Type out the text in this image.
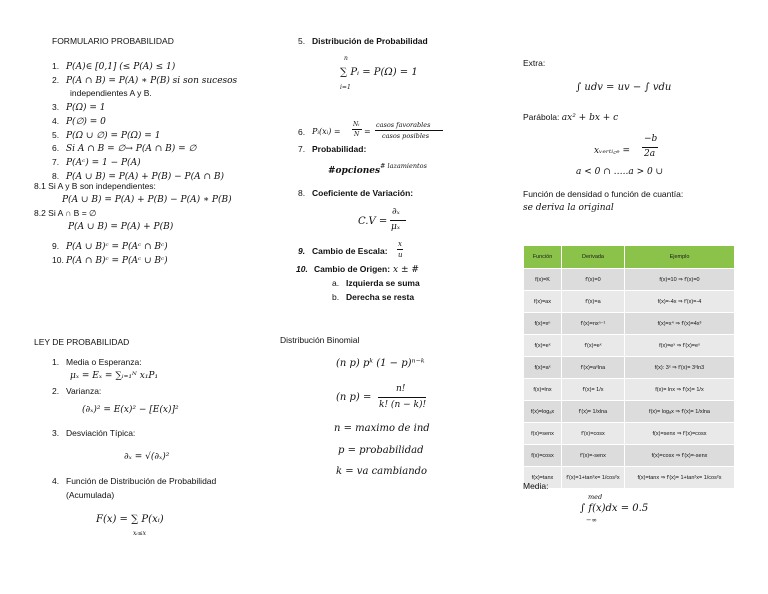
FORMULARIO PROBABILIDAD
1. P(A)∈ [0,1] (≤ P(A) ≤ 1)
2. P(A ∩ B) = P(A) ∗ P(B) si son sucesos
independientes A y B.
3. P(Ω) = 1
4. P(∅) = 0
5. P(Ω ∪ ∅) = P(Ω) = 1
6. Si A ∩ B = ∅→ P(A ∩ B) = ∅
7. P(Aᶜ) = 1 − P(A)
8. P(A ∪ B) = P(A) + P(B) − P(A ∩ B)
8.1 Si A y B son independientes:
P(A ∪ B) = P(A) + P(B) − P(A) ∗ P(B)
8.2 Si A ∩ B = ∅
P(A ∪ B) = P(A) + P(B)
9. P(A ∪ B)ᶜ = P(Aᶜ ∩ Bᶜ)
10. P(A ∩ B)ᶜ = P(Aᶜ ∪ Bᶜ)
LEY DE PROBABILIDAD
1. Media o Esperanza:
μₓ = Eₓ = ∑ᵢ₌₁ᴺ x₁P₁
2. Varianza:
(∂ₓ)² = E(x)² − [E(x)]²
3. Desviación Típica:
∂ₓ = √(∂ₓ)²
4. Función de Distribución de Probabilidad
(Acumulada)
F(x) = ∑ P(xᵢ)
xᵢ≤x
5. Distribución de Probabilidad
n
∑ Pᵢ = P(Ω) = 1
i=1
6. Pᵢ(xᵢ) =
Nᵢ
N =
casos favorables
casos posibles
7. Probabilidad:
#opciones # lazamientos
8. Coeficiente de Variación:
C.V =
∂ₓ
μₓ
9. Cambio de Escala:
x
u
10. Cambio de Origen: x ± #
a. Izquierda se suma
b. Derecha se resta
Distribución Binomial
(n p) pᵏ (1 − p)ⁿ⁻ᵏ
(n p) =
n!
k! (n − k)!
n = maximo de ind
p = probabilidad
k = va cambiando
Extra:
∫ udv = uv − ∫ vdu
Parábola: ax² + bx + c
xᵥₑᵣₜᵢ꜀ₑ =
−b
2a
a < 0 ∩ …..a > 0 ∪
Función de densidad o función de cuantía:
se deriva la original
Función	Derivada	Ejemplo
f(x)=K	f'(x)=0	f(x)=10 ⇒ f'(x)=0
f(x)=ax	f'(x)=a	f(x)=-4x ⇒ f'(x)=-4
f(x)=xⁿ	f'(x)=nxⁿ⁻¹	f(x)=x⁴ ⇒ f'(x)=4x³
f(x)=eˣ	f'(x)=eˣ	f(x)=eˣ ⇒ f'(x)=eˣ
f(x)=aˣ	f'(x)=aˣlna	f(x): 3ˣ ⇒ f'(x)= 3ˣln3
f(x)=lnx	f'(x)= 1/x	f(x)= lnx ⇒ f'(x)= 1/x
f(x)=logₐx	f'(x)= 1/xlna	f(x)= logₐx ⇒ f'(x)= 1/xlna
f(x)=senx	f'(x)=cosx	f(x)=senx ⇒ f'(x)=cosx
f(x)=cosx	f'(x)=-senx	f(x)=cosx ⇒ f'(x)=-senx
f(x)=tanx	f'(x)=1+tan²x= 1/cos²x	f(x)=tanx ⇒ f'(x)= 1+tan²x= 1/cos²x
Media:
med
∫ f(x)dx = 0.5
−∞
